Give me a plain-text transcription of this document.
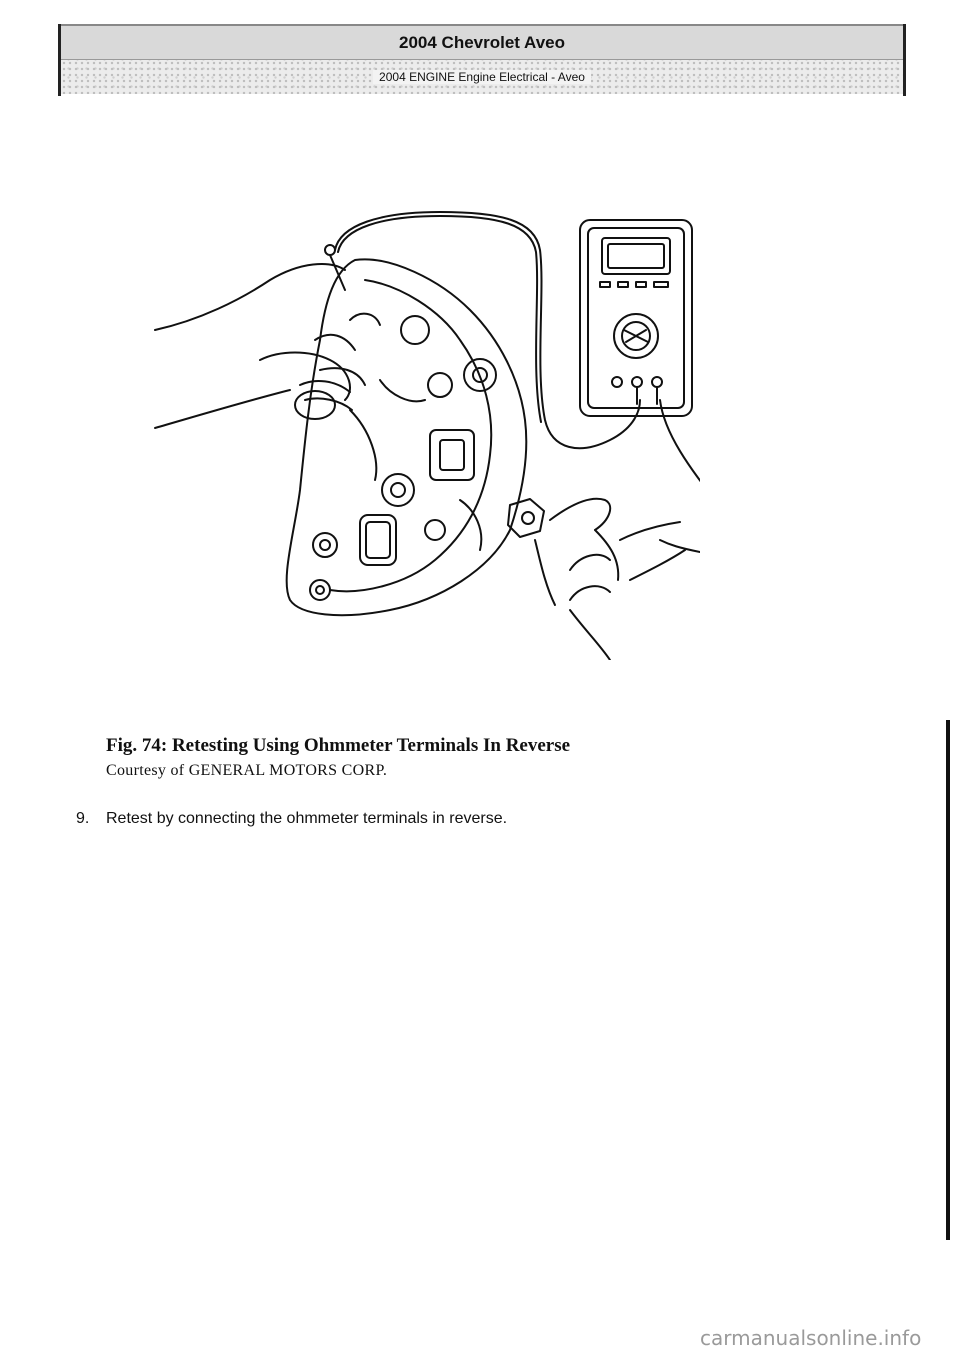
2004 Chevrolet Aveo
2004 ENGINE Engine Electrical - Aveo
Fig. 74: Retesting Using Ohmmeter Terminals In Reverse
Courtesy of GENERAL MOTORS CORP.
9.	Retest by connecting the ohmmeter terminals in reverse.
carmanualsonline.info
